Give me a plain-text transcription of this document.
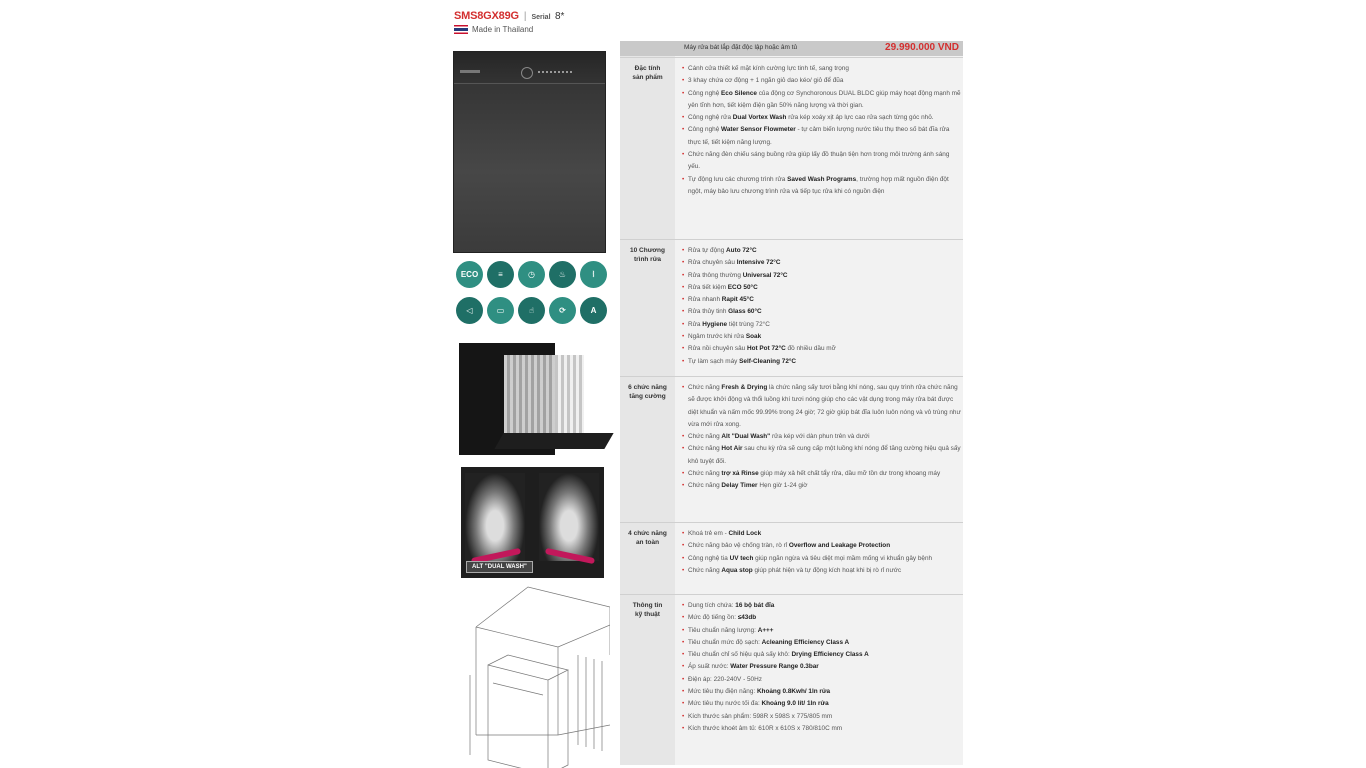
SMS8GX89G | Serial 8*
Made in Thailand
ECO	≡	◷	♨	⦚
◁	▭	☝	⟳	A
ALT "DUAL WASH"
Máy rửa bát lắp đặt độc lập hoặc âm tủ	29.990.000 VND
Đặc tính
sản phẩm
• Cánh cửa thiết kế mặt kính cường lực tinh tế, sang trọng
• 3 khay chứa cơ động + 1 ngăn giỏ dao kéo/ giỏ để đũa
• Công nghệ Eco Silence của động cơ Synchoronous DUAL BLDC giúp máy hoạt động mạnh mẽ yên tĩnh hơn, tiết kiệm điện gần 50% năng lượng và thời gian.
• Công nghệ rửa Dual Vortex Wash rửa kép xoáy xịt áp lực cao rửa sạch từng góc nhỏ.
• Công nghệ Water Sensor Flowmeter - tự cảm biến lượng nước tiêu thụ theo số bát đĩa rửa thực tế, tiết kiệm năng lượng.
• Chức năng đèn chiếu sáng buồng rửa giúp lấy đồ thuận tiện hơn trong môi trường ánh sáng yếu.
• Tự động lưu các chương trình rửa Saved Wash Programs, trường hợp mất nguồn điện đột ngột, máy bảo lưu chương trình rửa và tiếp tục rửa khi có nguồn điện
10 Chương
trình rửa
• Rửa tự động Auto 72°C
• Rửa chuyên sâu Intensive 72°C
• Rửa thông thường Universal 72°C
• Rửa tiết kiệm ECO 50°C
• Rửa nhanh Rapit 45°C
• Rửa thủy tinh Glass 60°C
• Rửa Hygiene tiệt trùng 72°C
• Ngâm trước khi rửa Soak
• Rửa nồi chuyên sâu Hot Pot 72°C đồ nhiều dầu mỡ
• Tự làm sạch máy Self-Cleaning 72°C
6 chức năng
tăng cường
• Chức năng Fresh & Drying là chức năng sấy tươi bằng khí nóng, sau quy trình rửa chức năng sẽ được khởi động và thổi luồng khí tươi nóng giúp cho các vật dụng trong máy rửa bát được diệt khuẩn và nấm mốc 99.99% trong 24 giờ; 72 giờ giúp bát đĩa luôn luôn nóng và vô trùng như vừa mới rửa xong.
• Chức năng Alt "Dual Wash" rửa kép với dàn phun trên và dưới
• Chức năng Hot Air sau chu kỳ rửa sẽ cung cấp một luồng khí nóng để tăng cường hiệu quả sấy khô tuyệt đối.
• Chức năng trợ xả Rinse giúp máy xả hết chất tẩy rửa, dầu mỡ tồn dư trong khoang máy
• Chức năng Delay Timer Hẹn giờ 1-24 giờ
4 chức năng
an toàn
• Khoá trẻ em - Child Lock
• Chức năng bảo vệ chống tràn, rò rỉ Overflow and Leakage Protection
• Công nghệ tia UV tech giúp ngăn ngừa và tiêu diệt mọi mầm mống vi khuẩn gây bệnh
• Chức năng Aqua stop giúp phát hiện và tự động kích hoạt khi bị rò rỉ nước
Thông tin
kỹ thuật
• Dung tích chứa: 16 bộ bát đĩa
• Mức độ tiếng ồn: ≤43db
• Tiêu chuẩn năng lượng: A+++
• Tiêu chuẩn mức độ sạch: Acleaning Efficiency Class A
• Tiêu chuẩn chỉ số hiệu quả sấy khô: Drying Efficiency Class A
• Áp suất nước: Water Pressure Range 0.3bar
• Điện áp: 220-240V - 50Hz
• Mức tiêu thụ điện năng: Khoảng 0.8Kwh/ 1ln rửa
• Mức tiêu thụ nước tối đa: Khoảng 9.0 lít/ 1ln rửa
• Kích thước sản phẩm: 598R x 598S x 775/805 mm
• Kích thước khoét âm tủ: 610R x 610S x 780/810C mm
